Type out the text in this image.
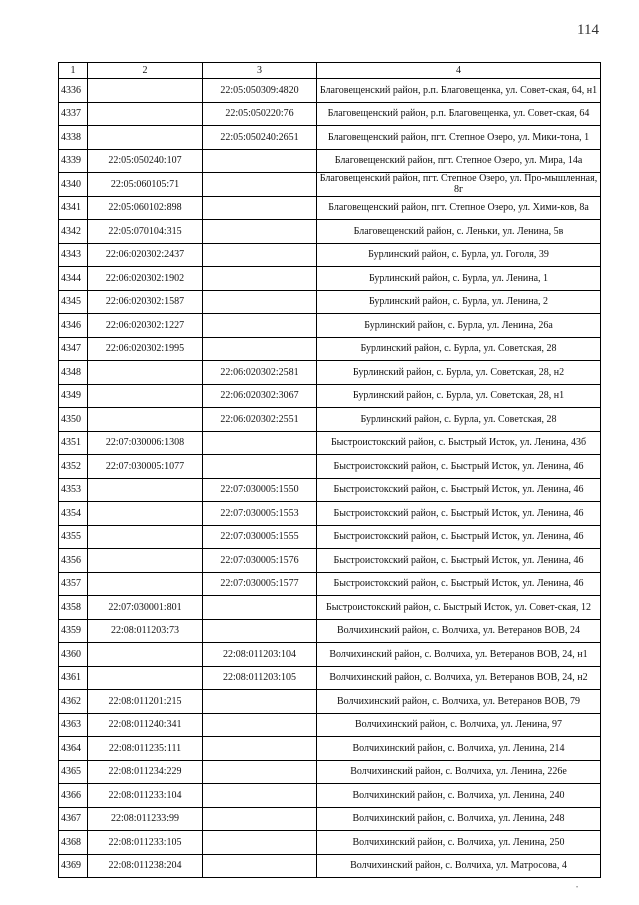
114
1	2	3	4
4336		22:05:050309:4820	Благовещенский район, р.п. Благовещенка, ул. Совет-ская, 64, н1
4337		22:05:050220:76	Благовещенский район, р.п. Благовещенка, ул. Совет-ская, 64
4338		22:05:050240:2651	Благовещенский район, пгт. Степное Озеро, ул. Мики-тона, 1
4339	22:05:050240:107		Благовещенский район, пгт. Степное Озеро, ул. Мира, 14а
4340	22:05:060105:71		Благовещенский район, пгт. Степное Озеро, ул. Про-мышленная, 8г
4341	22:05:060102:898		Благовещенский район, пгт. Степное Озеро, ул. Хими-ков, 8а
4342	22:05:070104:315		Благовещенский район, с. Леньки, ул. Ленина, 5в
4343	22:06:020302:2437		Бурлинский район, с. Бурла, ул. Гоголя, 39
4344	22:06:020302:1902		Бурлинский район, с. Бурла, ул. Ленина, 1
4345	22:06:020302:1587		Бурлинский район, с. Бурла, ул. Ленина, 2
4346	22:06:020302:1227		Бурлинский район, с. Бурла, ул. Ленина, 26а
4347	22:06:020302:1995		Бурлинский район, с. Бурла, ул. Советская, 28
4348		22:06:020302:2581	Бурлинский район, с. Бурла, ул. Советская, 28, н2
4349		22:06:020302:3067	Бурлинский район, с. Бурла, ул. Советская, 28, н1
4350		22:06:020302:2551	Бурлинский район, с. Бурла, ул. Советская, 28
4351	22:07:030006:1308		Быстроистокский район, с. Быстрый Исток, ул. Ленина, 43б
4352	22:07:030005:1077		Быстроистокский район, с. Быстрый Исток, ул. Ленина, 46
4353		22:07:030005:1550	Быстроистокский район, с. Быстрый Исток, ул. Ленина, 46
4354		22:07:030005:1553	Быстроистокский район, с. Быстрый Исток, ул. Ленина, 46
4355		22:07:030005:1555	Быстроистокский район, с. Быстрый Исток, ул. Ленина, 46
4356		22:07:030005:1576	Быстроистокский район, с. Быстрый Исток, ул. Ленина, 46
4357		22:07:030005:1577	Быстроистокский район, с. Быстрый Исток, ул. Ленина, 46
4358	22:07:030001:801		Быстроистокский район, с. Быстрый Исток, ул. Совет-ская, 12
4359	22:08:011203:73		Волчихинский район, с. Волчиха, ул. Ветеранов ВОВ, 24
4360		22:08:011203:104	Волчихинский район, с. Волчиха, ул. Ветеранов ВОВ, 24, н1
4361		22:08:011203:105	Волчихинский район, с. Волчиха, ул. Ветеранов ВОВ, 24, н2
4362	22:08:011201:215		Волчихинский район, с. Волчиха, ул. Ветеранов ВОВ, 79
4363	22:08:011240:341		Волчихинский район, с. Волчиха, ул. Ленина, 97
4364	22:08:011235:111		Волчихинский район, с. Волчиха, ул. Ленина, 214
4365	22:08:011234:229		Волчихинский район, с. Волчиха, ул. Ленина, 226е
4366	22:08:011233:104		Волчихинский район, с. Волчиха, ул. Ленина, 240
4367	22:08:011233:99		Волчихинский район, с. Волчиха, ул. Ленина, 248
4368	22:08:011233:105		Волчихинский район, с. Волчиха, ул. Ленина, 250
4369	22:08:011238:204		Волчихинский район, с. Волчиха, ул. Матросова, 4
•
